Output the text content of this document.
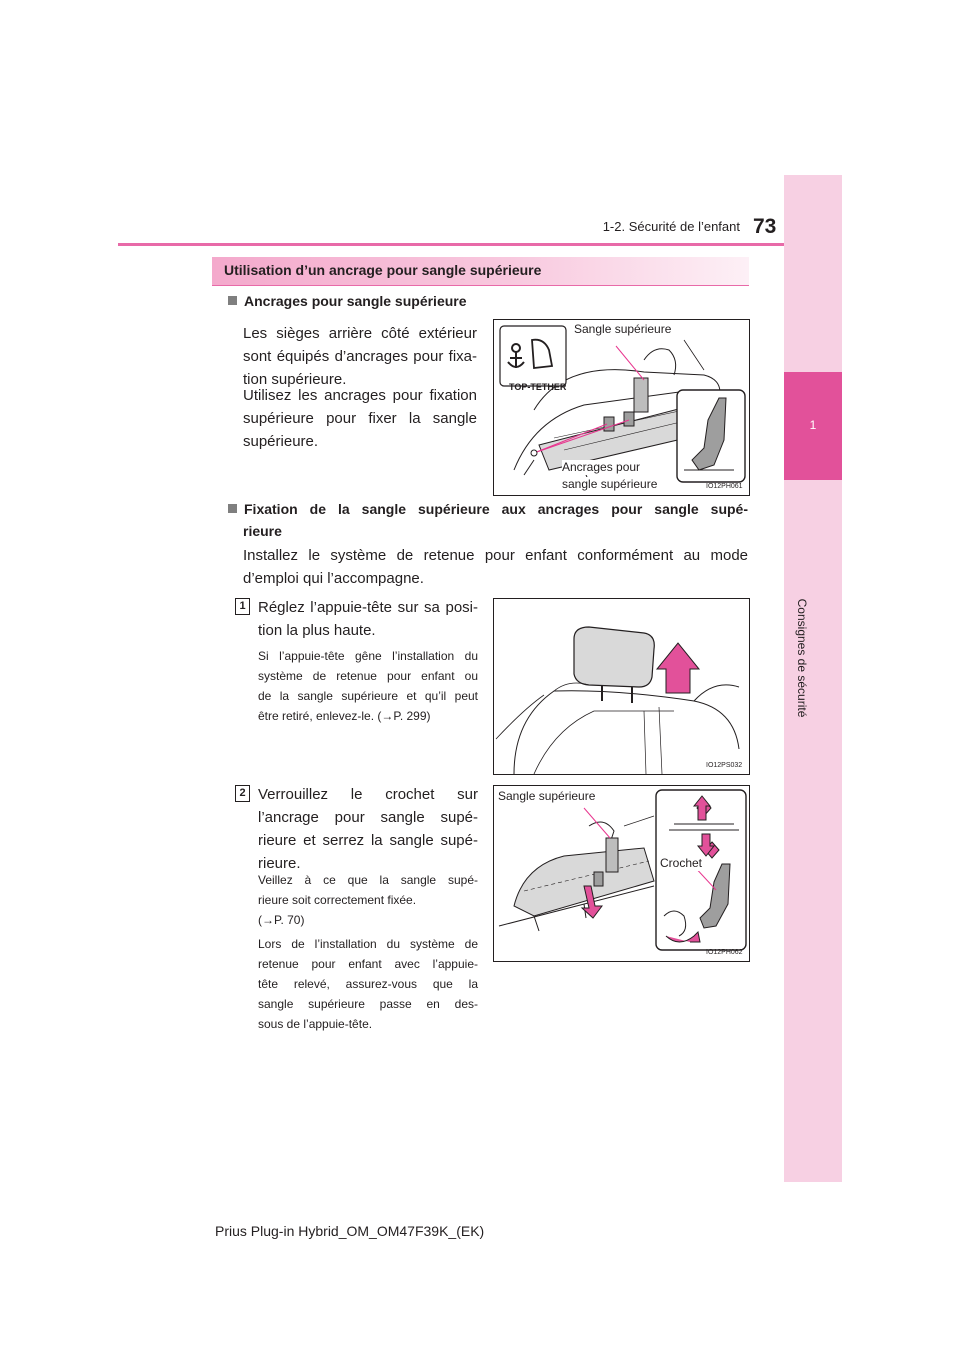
1-2. Sécurité de l’enfant 73
1
Consignes de sécurité
Utilisation d’un ancrage pour sangle supérieure
Ancrages pour sangle supérieure
Les sièges arrière côté extérieur sont équipés d’ancrages pour fixa-tion supérieure.
Utilisez les ancrages pour fixation supérieure pour fixer la sangle supérieure.
TOP-TETHER
Sangle supérieure
Ancrages pour
sangle supérieure	IO12PH061
Fixation de la sangle supérieure aux ancrages pour sangle supé-
rieure
Installez le système de retenue pour enfant conformément au mode
d’emploi qui l’accompagne.
1 Réglez l’appuie-tête sur sa posi-
tion la plus haute.
Si l’appuie-tête gêne l’installation du
système de retenue pour enfant ou
de la sangle supérieure et qu’il peut
être retiré, enlevez-le. (→P. 299)
IO12PS032
2 Verrouillez le crochet sur
l’ancrage pour sangle supé-
rieure et serrez la sangle supé-
rieure.
Veillez à ce que la sangle supé-
rieure soit correctement fixée.
(→P. 70)
Lors de l’installation du système de
retenue pour enfant avec l’appuie-
tête relevé, assurez-vous que la
sangle supérieure passe en des-
sous de l’appuie-tête.
Sangle supérieure
Crochet
IO12PH062
Prius Plug-in Hybrid_OM_OM47F39K_(EK)
